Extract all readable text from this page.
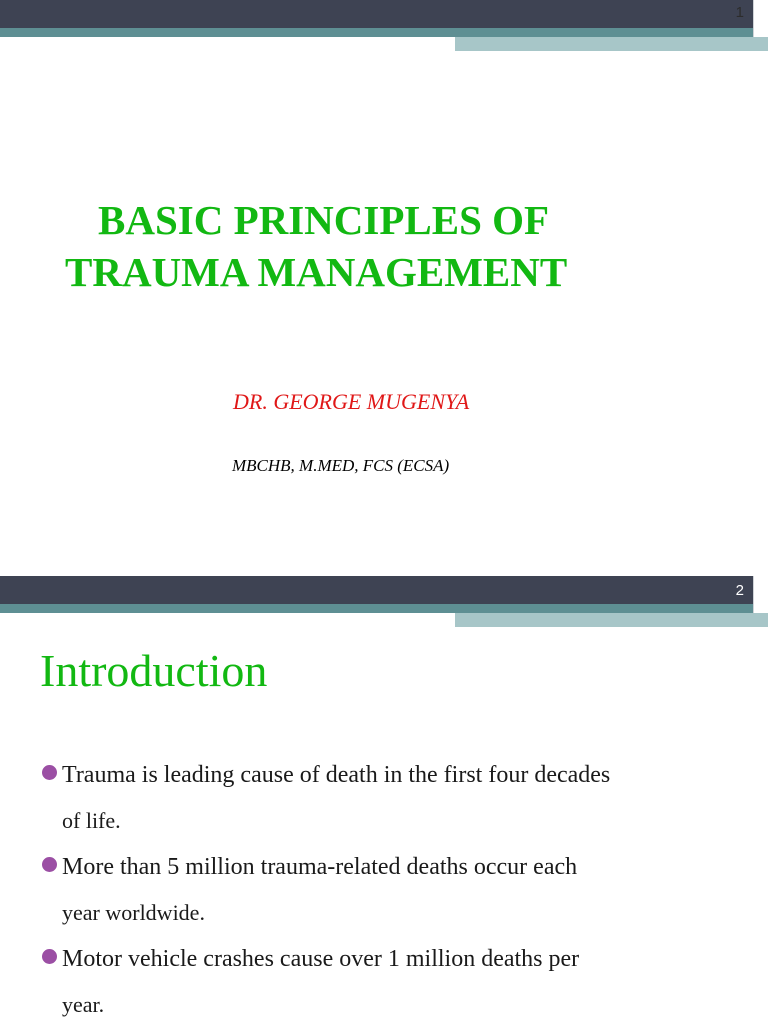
1
BASIC PRINCIPLES OF
TRAUMA MANAGEMENT

DR. GEORGE MUGENYA

MBCHB, M.MED, FCS (ECSA)

2
Introduction
Trauma is leading cause of death in the first four decades
of life.
More than 5 million trauma-related deaths occur each
year worldwide.
Motor vehicle crashes cause over 1 million deaths per
year.
